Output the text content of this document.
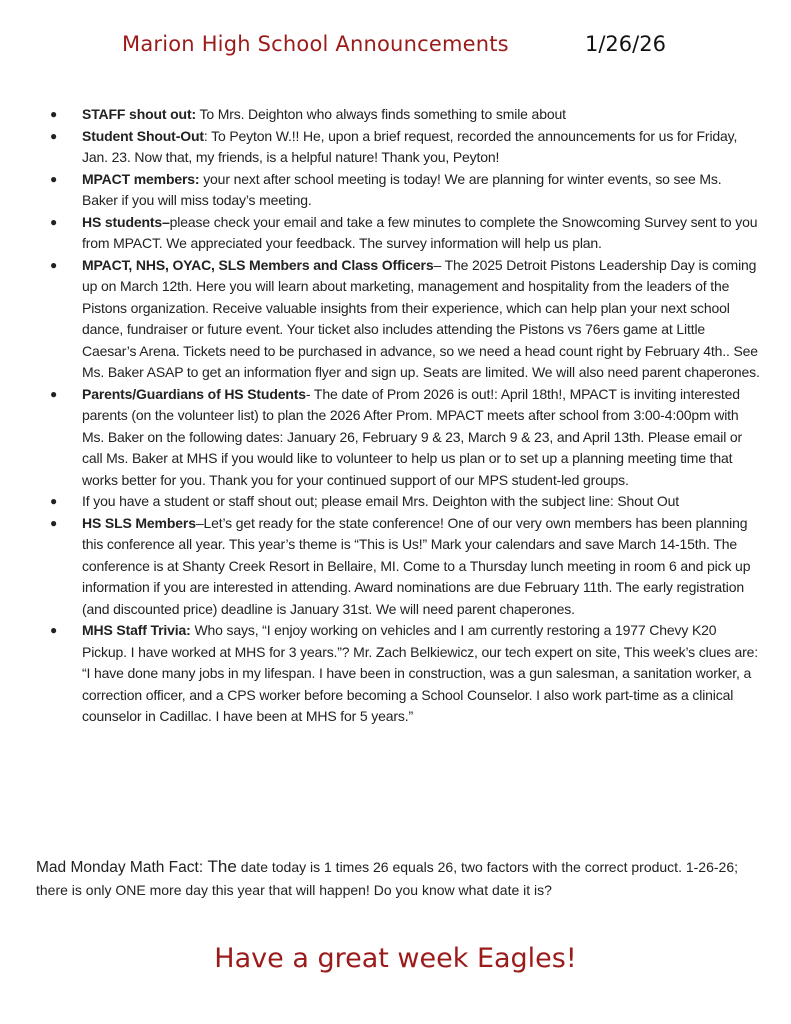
Marion High School Announcements	1/26/26
● STAFF shout out: To Mrs. Deighton who always finds something to smile about
● Student Shout-Out: To Peyton W.!! He, upon a brief request, recorded the announcements for us for Friday, Jan. 23. Now that, my friends, is a helpful nature! Thank you, Peyton!
● MPACT members: your next after school meeting is today! We are planning for winter events, so see Ms. Baker if you will miss today’s meeting.
● HS students–please check your email and take a few minutes to complete the Snowcoming Survey sent to you from MPACT. We appreciated your feedback. The survey information will help us plan.
● MPACT, NHS, OYAC, SLS Members and Class Officers– The 2025 Detroit Pistons Leadership Day is coming up on March 12th. Here you will learn about marketing, management and hospitality from the leaders of the Pistons organization. Receive valuable insights from their experience, which can help plan your next school dance, fundraiser or future event. Your ticket also includes attending the Pistons vs 76ers game at Little Caesar’s Arena. Tickets need to be purchased in advance, so we need a head count right by February 4th.. See Ms. Baker ASAP to get an information flyer and sign up. Seats are limited. We will also need parent chaperones.
● Parents/Guardians of HS Students- The date of Prom 2026 is out!: April 18th!, MPACT is inviting interested parents (on the volunteer list) to plan the 2026 After Prom. MPACT meets after school from 3:00-4:00pm with Ms. Baker on the following dates: January 26, February 9 & 23, March 9 & 23, and April 13th. Please email or call Ms. Baker at MHS if you would like to volunteer to help us plan or to set up a planning meeting time that works better for you. Thank you for your continued support of our MPS student-led groups.
● If you have a student or staff shout out; please email Mrs. Deighton with the subject line: Shout Out
● HS SLS Members–Let’s get ready for the state conference! One of our very own members has been planning this conference all year. This year’s theme is “This is Us!” Mark your calendars and save March 14-15th. The conference is at Shanty Creek Resort in Bellaire, MI. Come to a Thursday lunch meeting in room 6 and pick up information if you are interested in attending. Award nominations are due February 11th. The early registration (and discounted price) deadline is January 31st. We will need parent chaperones.
● MHS Staff Trivia: Who says, “I enjoy working on vehicles and I am currently restoring a 1977 Chevy K20 Pickup. I have worked at MHS for 3 years.”? Mr. Zach Belkiewicz, our tech expert on site, This week’s clues are: “I have done many jobs in my lifespan. I have been in construction, was a gun salesman, a sanitation worker, a correction officer, and a CPS worker before becoming a School Counselor. I also work part-time as a clinical counselor in Cadillac. I have been at MHS for 5 years.”
Mad Monday Math Fact: The date today is 1 times 26 equals 26, two factors with the correct product. 1-26-26; there is only ONE more day this year that will happen! Do you know what date it is?
Have a great week Eagles!
